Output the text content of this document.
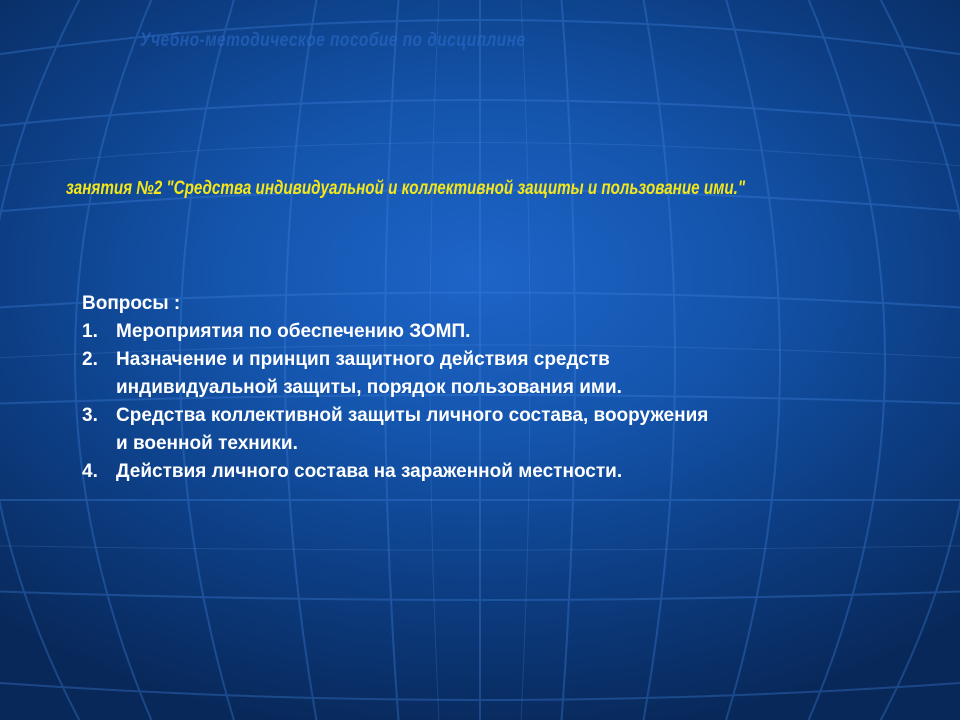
Учебно-методическое пособие по дисциплине
занятия №2 "Средства индивидуальной и коллективной защиты и пользование ими."
Вопросы :
1. Мероприятия по обеспечению ЗОМП.
2. Назначение и принцип защитного действия средств индивидуальной защиты, порядок пользования ими.
3. Средства коллективной защиты личного состава, вооружения и военной техники.
4. Действия личного состава на зараженной местности.
